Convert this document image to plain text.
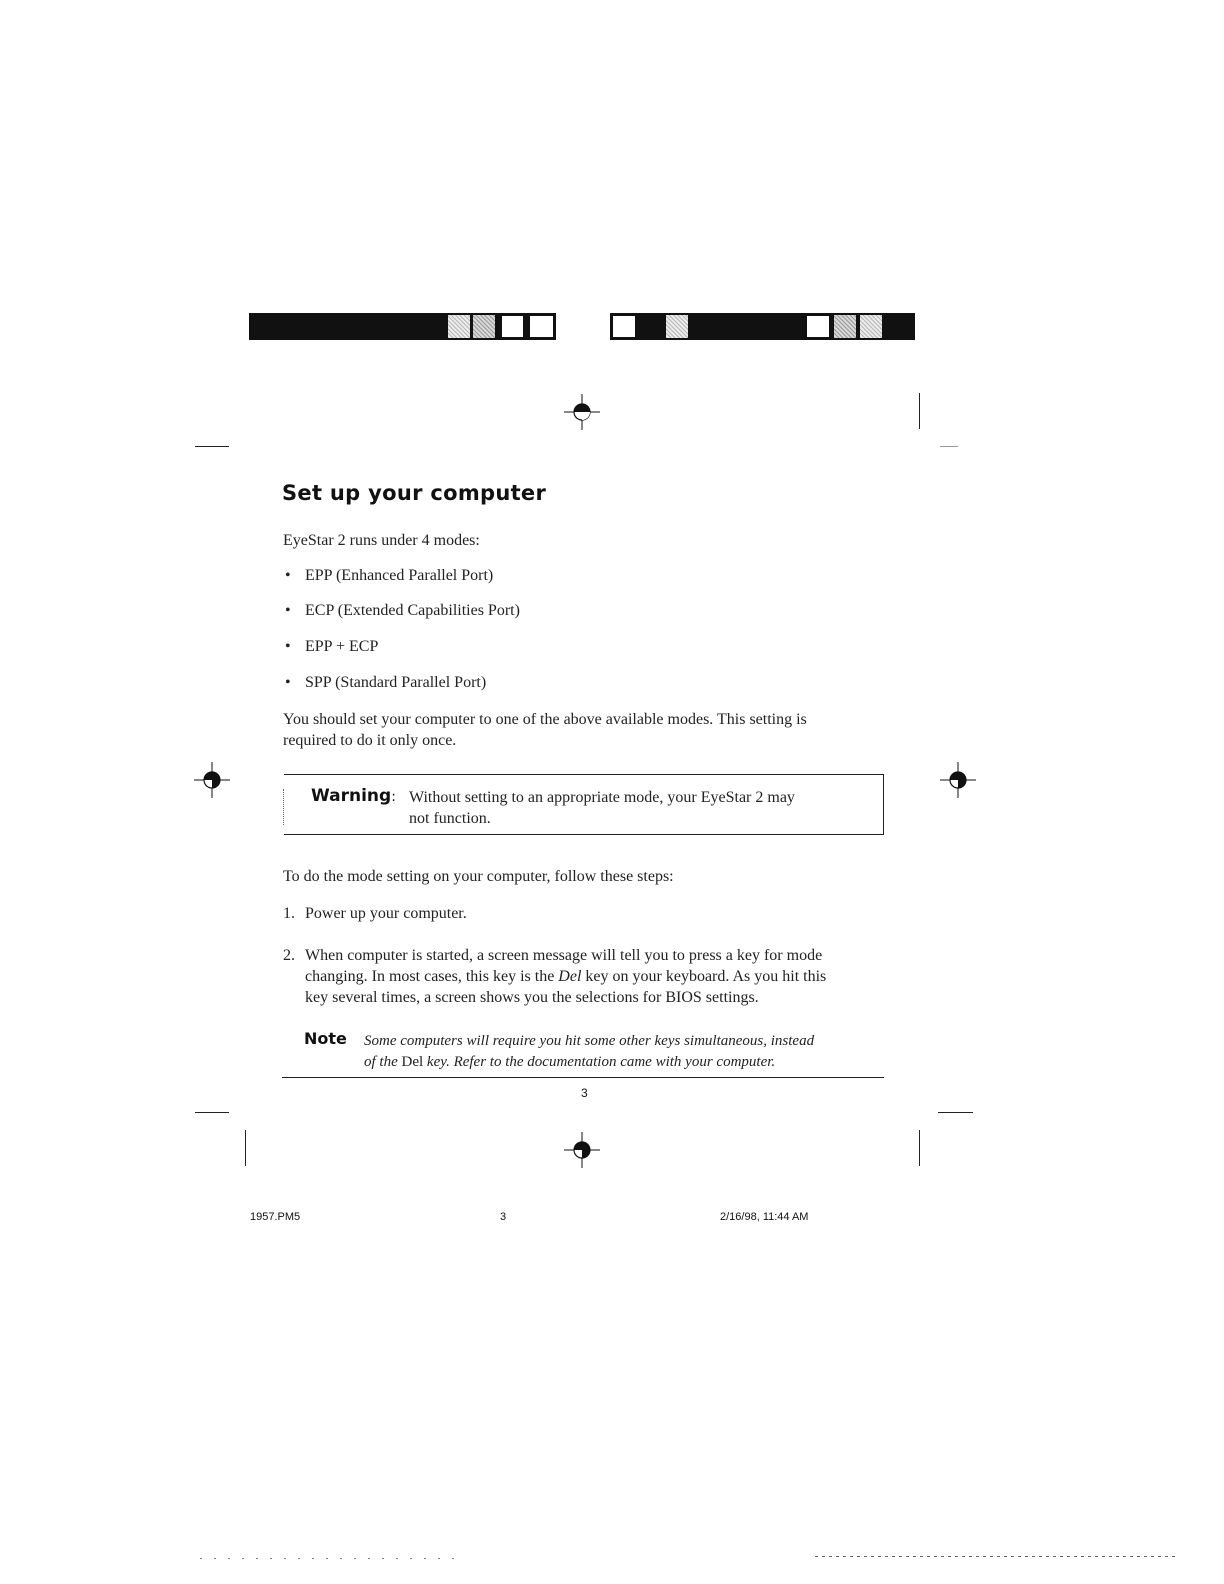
Set up your computer
EyeStar 2 runs under 4 modes:
• EPP (Enhanced Parallel Port)
• ECP (Extended Capabilities Port)
• EPP + ECP
• SPP (Standard Parallel Port)
You should set your computer to one of the above available modes. This setting is
required to do it only once.
Warning: Without setting to an appropriate mode, your EyeStar 2 may
not function.
To do the mode setting on your computer, follow these steps:
1. Power up your computer.
2. When computer is started, a screen message will tell you to press a key for mode
changing. In most cases, this key is the Del key on your keyboard. As you hit this
key several times, a screen shows you the selections for BIOS settings.
Note Some computers will require you hit some other keys simultaneous, instead
of the Del key. Refer to the documentation came with your computer.
3
1957.PM5	3	2/16/98, 11:44 AM
